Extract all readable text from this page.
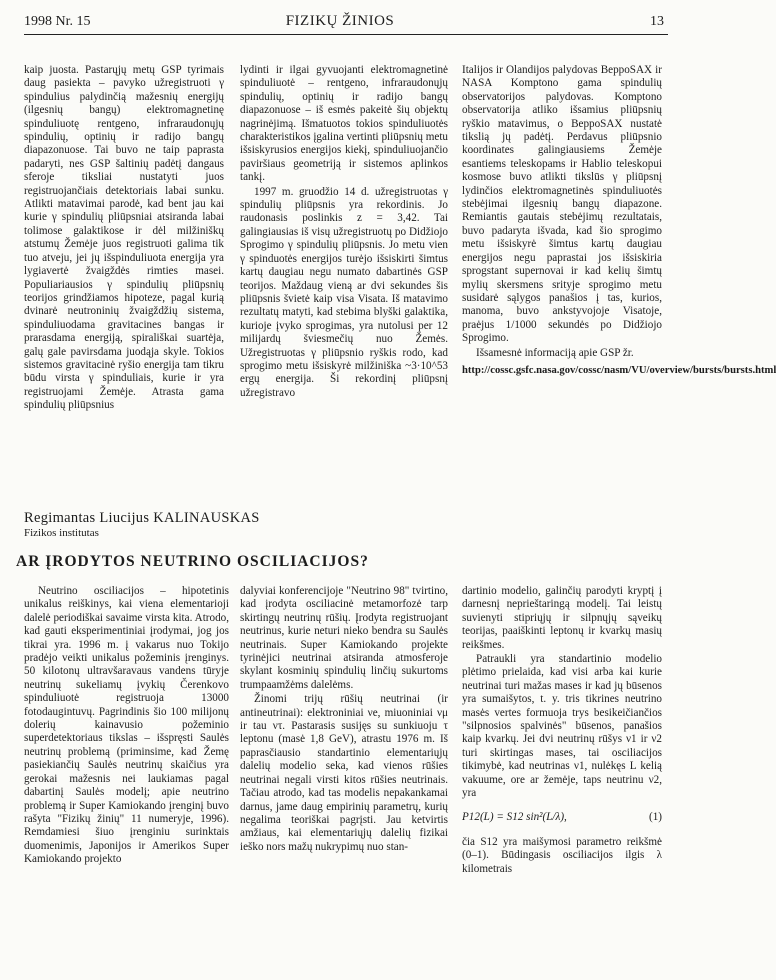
1998 Nr. 15	FIZIKŲ ŽINIOS	13

kaip juosta. Pastarųjų metų GSP tyrimais daug pasiekta – pavyko užregistruoti γ spindulius palydinčią mažesnių energijų (ilgesnių bangų) elektromagnetinę spinduliuotę rentgeno, infraraudonųjų spindulių, optinių ir radijo bangų diapazonuose. Tai buvo ne taip paprasta padaryti, nes GSP šaltinių padėtį dangaus sferoje tiksliai nustatyti juos registruojančiais detektoriais labai sunku. Atlikti matavimai parodė, kad bent jau kai kurie γ spindulių pliūpsniai atsiranda labai tolimose galaktikose ir dėl milžiniškų atstumų Žemėje juos registruoti galima tik tuo atveju, jei jų išspinduliuota energija yra lygiavertė žvaigždės rimties masei. Populiariausios γ spindulių pliūpsnių teorijos grindžiamos hipoteze, pagal kurią dvinarė neutroninių žvaigždžių sistema, spinduliuodama gravitacines bangas ir prarasdama energiją, spirališkai suartėja, galų gale pavirsdama juodąja skyle. Tokios sistemos gravitacinė ryšio energija tam tikru būdu virsta γ spinduliais, kurie ir yra registruojami Žemėje. Atrasta gama spindulių pliūpsnius

lydinti ir ilgai gyvuojanti elektromagnetinė spinduliuotė – rentgeno, infraraudonųjų spindulių, optinių ir radijo bangų diapazonuose – iš esmės pakeitė šių objektų nagrinėjimą. Išmatuotos tokios spinduliuotės charakteristikos įgalina vertinti pliūpsnių metu išsiskyrusios energijos kiekį, spinduliuojančio paviršiaus geometriją ir sistemos aplinkos tankį.

1997 m. gruodžio 14 d. užregistruotas γ spindulių pliūpsnis yra rekordinis. Jo raudonasis poslinkis z = 3,42. Tai galingiausias iš visų užregistruotų po Didžiojo Sprogimo γ spindulių pliūpsnis. Jo metu vien γ spinduotės energijos turėjo išsiskirti šimtus kartų daugiau negu numato dabartinės GSP teorijos. Maždaug vieną ar dvi sekundes šis pliūpsnis švietė kaip visa Visata. Iš matavimo rezultatų matyti, kad stebima blyški galaktika, kurioje įvyko sprogimas, yra nutolusi per 12 milijardų šviesmečių nuo Žemės. Užregistruotas γ pliūpsnio ryškis rodo, kad sprogimo metu išsiskyrė milžiniška ~3·10^53 ergų energija. Ši rekordinį pliūpsnį užregistravo

Italijos ir Olandijos palydovas BeppoSAX ir NASA Komptono gama spindulių observatorijos palydovas. Komptono observatorija atliko išsamius pliūpsnių ryškio matavimus, o BeppoSAX nustatė tikslią jų padėtį. Perdavus pliūpsnio koordinates galingiausiems Žemėje esantiems teleskopams ir Hablio teleskopui kosmose buvo atlikti tikslūs γ pliūpsnį lydinčios elektromagnetinės spinduliuotės stebėjimai ilgesnių bangų diapazone. Remiantis gautais stebėjimų rezultatais, buvo padaryta išvada, kad šio sprogimo metu išsiskyrė šimtus kartų daugiau energijos negu paprastai jos išsiskiria sprogstant supernovai ir kad kelių šimtų mylių skersmens srityje sprogimo metu susidarė sąlygos panašios į tas, kurios, manoma, buvo ankstyvojoje Visatoje, praėjus 1/1000 sekundės po Didžiojo Sprogimo.

Išsamesnė informaciją apie GSP žr.

http://cossc.gsfc.nasa.gov/cossc/nasm/VU/overview/bursts/bursts.html
Regimantas Liucijus KALINAUSKAS
Fizikos institutas
AR ĮRODYTOS NEUTRINO OSCILIACIJOS?

Neutrino osciliacijos – hipotetinis unikalus reiškinys, kai viena elementarioji dalelė periodiškai savaime virsta kita. Atrodo, kad gauti eksperimentiniai įrodymai, jog jos tikrai yra. 1996 m. į vakarus nuo Tokijo pradėjo veikti unikalus požeminis įrenginys. 50 kilotonų ultravšaravaus vandens tūryje neutrinų sukeliamų įvykių Čerenkovo spinduliuotė registruoja 13000 fotodaugintuvų. Pagrindinis šio 100 milijonų dolerių kainavusio požeminio superdetektoriaus tikslas – išspręsti Saulės neutrinų problemą (priminsime, kad Žemę pasiekiančių Saulės neutrinų skaičius yra gerokai mažesnis nei laukiamas pagal dabartinį Saulės modelį; apie neutrino problemą ir Super Kamiokando įrenginį buvo rašyta "Fizikų žinių" 11 numeryje, 1996). Remdamiesi šiuo įrenginiu surinktais duomenimis, Japonijos ir Amerikos Super Kamiokando projekto

dalyviai konferencijoje "Neutrino 98" tvirtino, kad įrodyta osciliacinė metamorfozė tarp skirtingų neutrinų rūšių. Įrodyta registruojant neutrinus, kurie neturi nieko bendra su Saulės neutrinais. Super Kamiokando projekte tyrinėjici neutrinai atsiranda atmosferoje skylant kosminių spindulių linčių sukurtoms trumpaamžėms dalelėms.

Žinomi trijų rūšių neutrinai (ir antineutrinai): elektroniniai νe, miuoniniai νμ ir tau ντ. Pastarasis susijęs su sunkiuoju τ leptonu (masė 1,8 GeV), atrastu 1976 m. Iš paprasčiausio standartinio elementariųjų dalelių modelio seka, kad vienos rūšies neutrinai negali virsti kitos rūšies neutrinais. Tačiau atrodo, kad tas modelis nepakankamai darnus, jame daug empirinių parametrų, kurių negalima teoriškai pagrįsti. Jau ketvirtis amžiaus, kai elementariųjų dalelių fizikai ieško nors mažų nukrypimų nuo stan-

dartinio modelio, galinčių parodyti kryptį į darnesnį neprieštaringą modelį. Tai leistų suvienyti stipriųjų ir silpnųjų sąveikų teorijas, paaiškinti leptonų ir kvarkų masių reikšmes.

Patraukli yra standartinio modelio plėtimo prielaida, kad visi arba kai kurie neutrinai turi mažas mases ir kad jų būsenos yra sumaišytos, t. y. tris tikrines neutrino masės vertes formuoja trys besikeičiančios "silpnosios spalvinės" būsenos, panašios kaip kvarkų. Jei dvi neutrinų rūšys ν1 ir ν2 turi skirtingas mases, tai osciliacijos tikimybė, kad neutrinas ν1, nulėkęs L kelią vakuume, ore ar žemėje, taps neutrinu ν2, yra

P12(L) = S12 sin²(L/λ),	(1)

čia S12 yra maišymosi parametro reikšmė (0–1). Būdingasis osciliacijos ilgis λ kilometrais
